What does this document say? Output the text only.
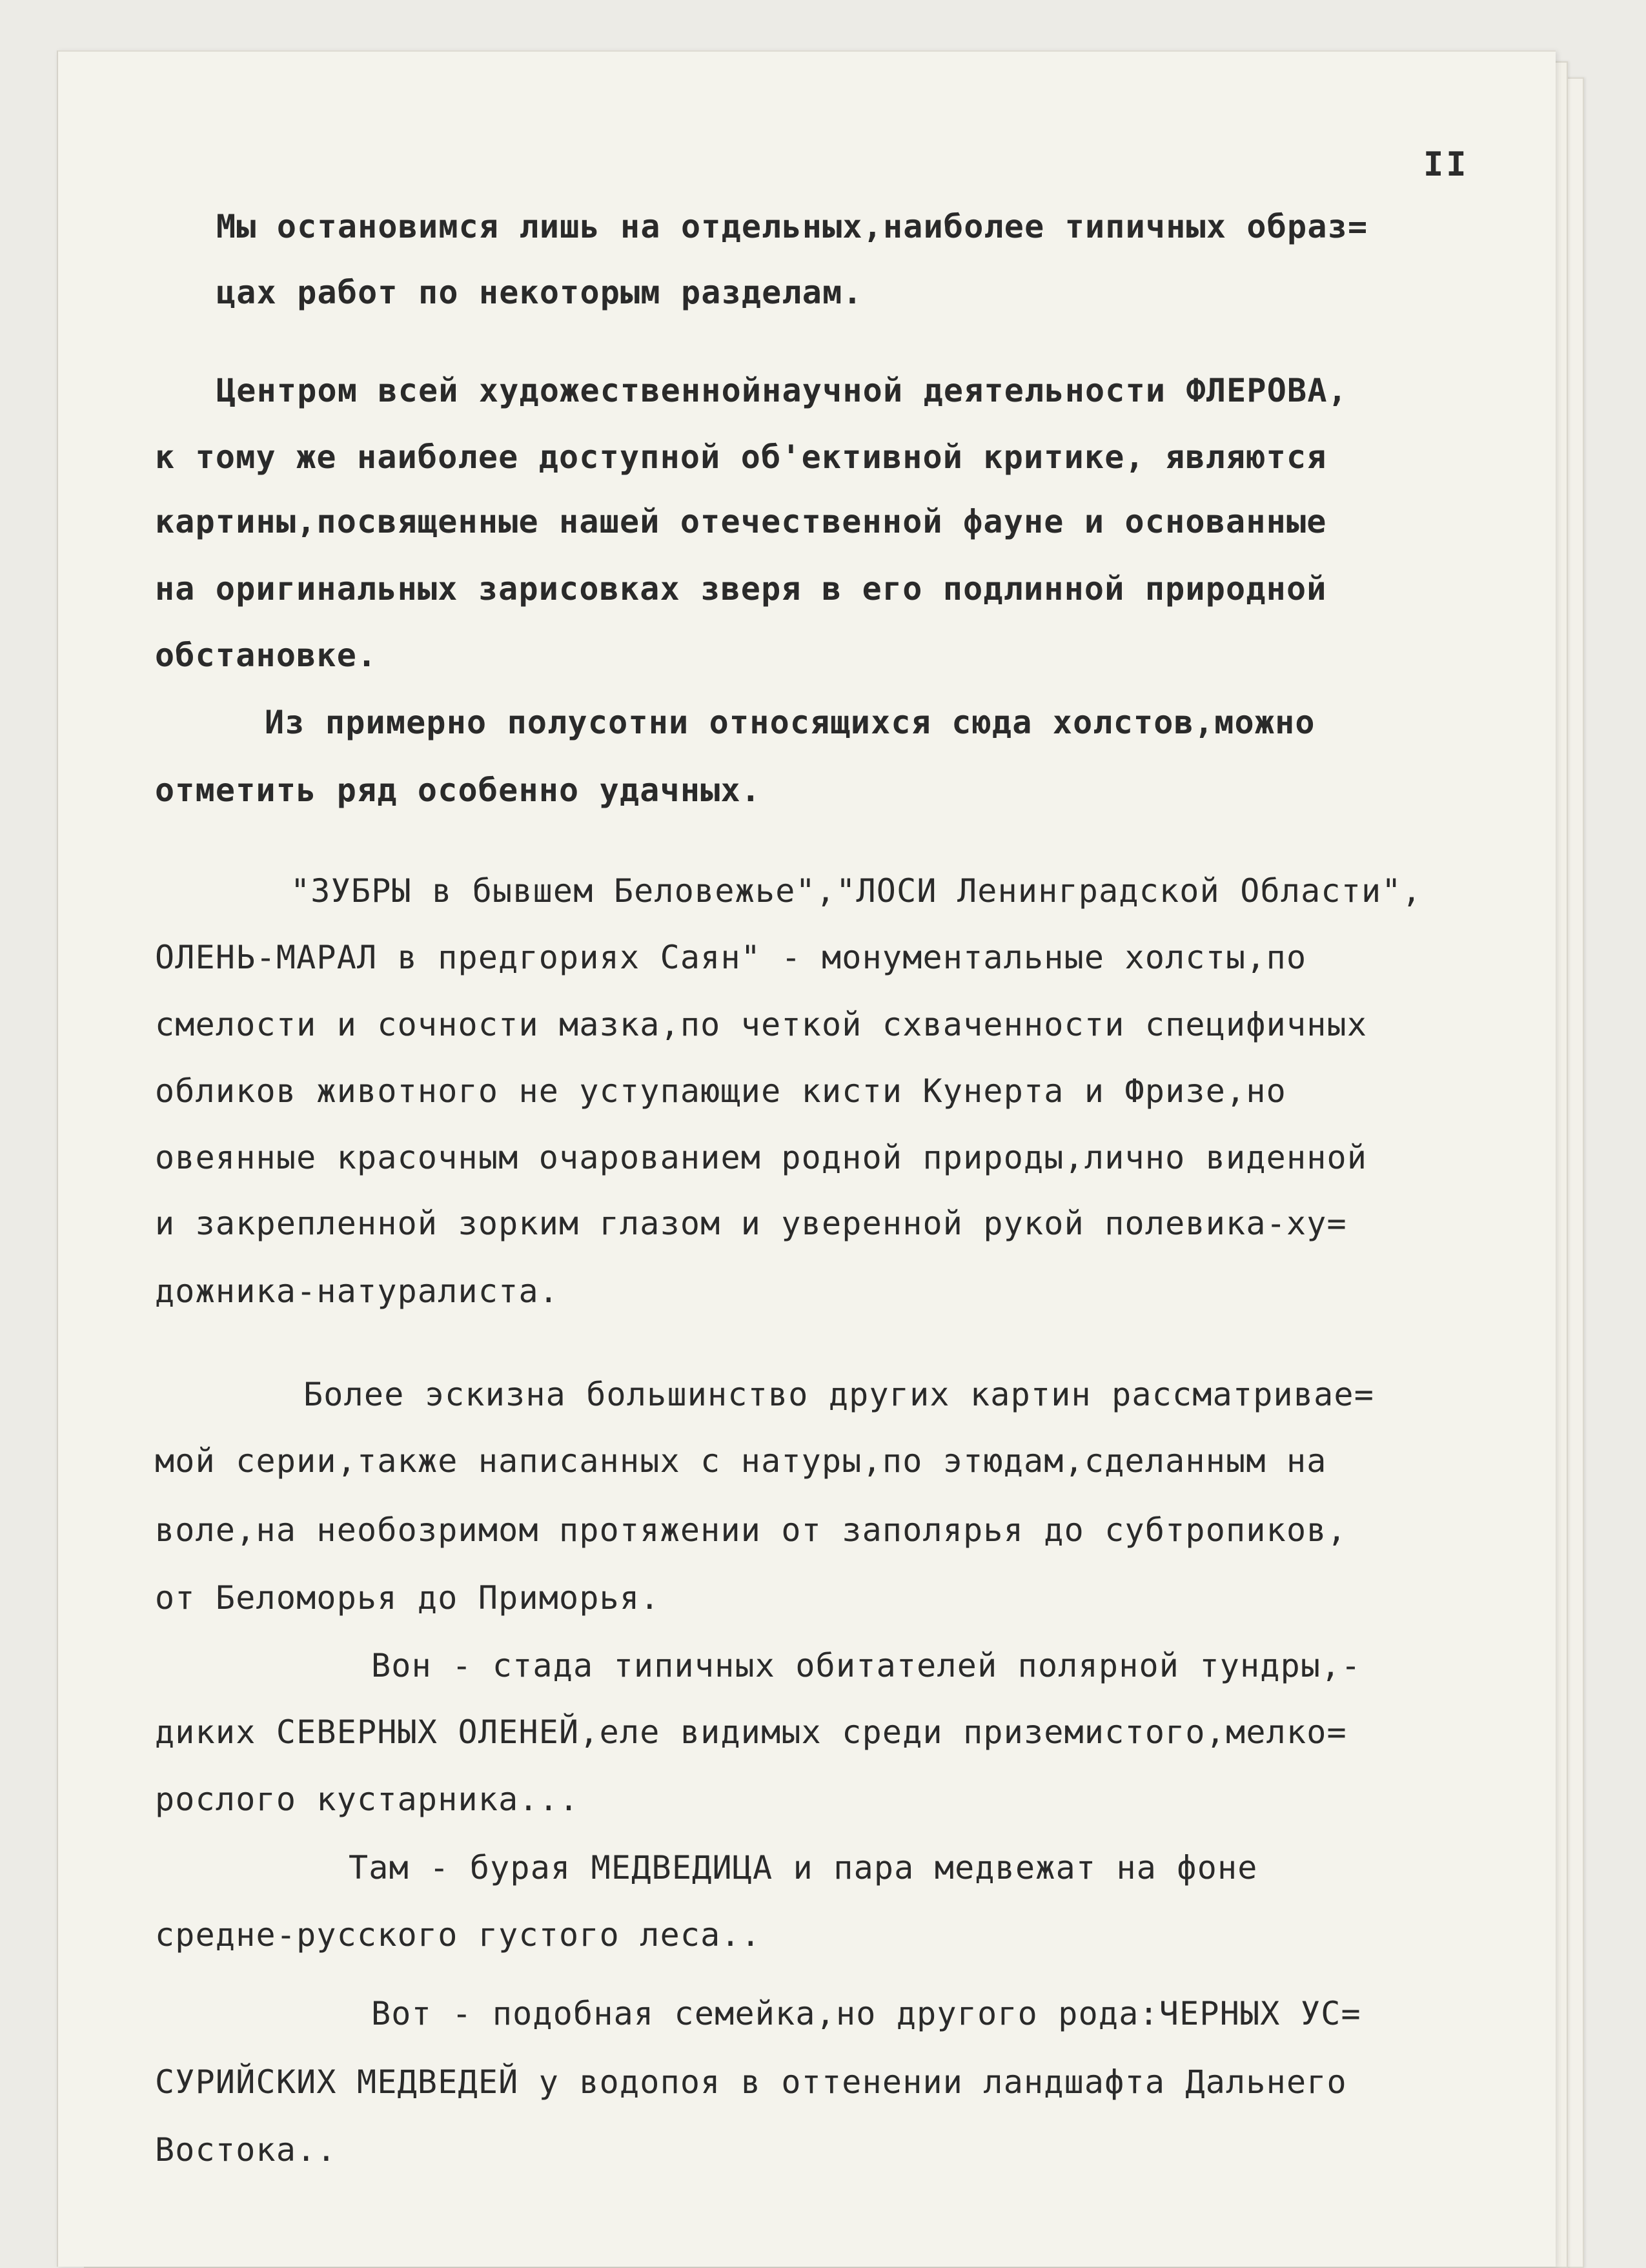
II
Мы остановимся лишь на отдельных,наиболее типичных образ=
цах работ по некоторым разделам.
Центром всей художественнойнаучной деятельности ФЛЕРОВА,
к тому же наиболее доступной об'ективной критике, являются
картины,посвященные нашей отечественной фауне и основанные
на оригинальных зарисовках зверя в его подлинной природной
обстановке.
Из примерно полусотни относящихся сюда холстов,можно
отметить ряд особенно удачных.
"ЗУБРЫ в бывшем Беловежье","ЛОСИ Ленинградской Области",
ОЛЕНЬ-МАРАЛ в предгориях Саян" - монументальные холсты,по
смелости и сочности мазка,по четкой схваченности специфичных
обликов животного не уступающие кисти Кунерта и Фризе,но
овеянные красочным очарованием родной природы,лично виденной
и закрепленной зорким глазом и уверенной рукой полевика-ху=
дожника-натуралиста.
Более эскизна большинство других картин рассматривае=
мой серии,также написанных с натуры,по этюдам,сделанным на
воле,на необозримом протяжении от заполярья до субтропиков,
от Беломорья до Приморья.
Вон - стада типичных обитателей полярной тундры,-
диких СЕВЕРНЫХ ОЛЕНЕЙ,еле видимых среди приземистого,мелко=
рослого кустарника...
Там - бурая МЕДВЕДИЦА и пара медвежат на фоне
средне-русского густого леса..
Вот - подобная семейка,но другого рода:ЧЕРНЫХ УС=
СУРИЙСКИХ МЕДВЕДЕЙ у водопоя в оттенении ландшафта Дальнего
Востока..
